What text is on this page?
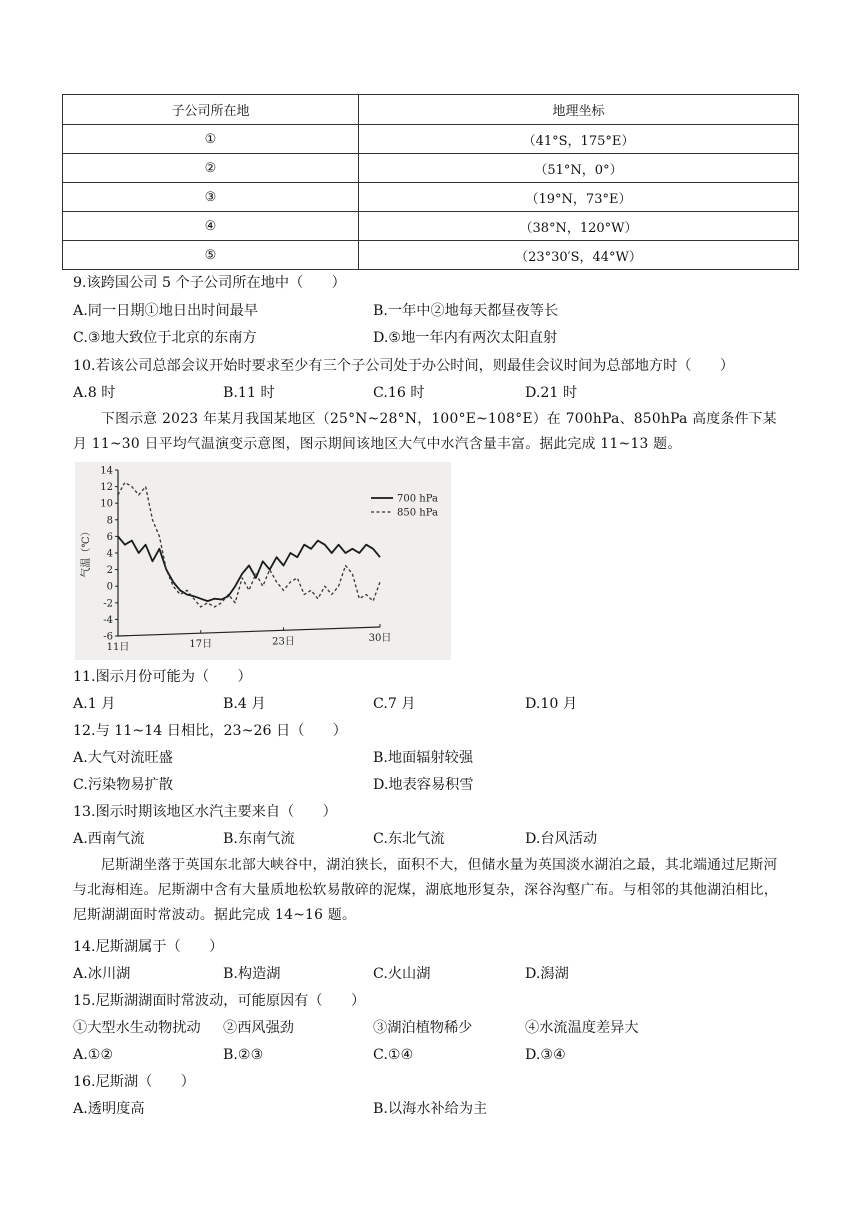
子公司所在地	地理坐标
①	（41°S，175°E）
②	（51°N，0°）
③	（19°N，73°E）
④	（38°N，120°W）
⑤	（23°30′S，44°W）
9.该跨国公司 5 个子公司所在地中（　　）
A.同一日期①地日出时间最早	B.一年中②地每天都昼夜等长
C.③地大致位于北京的东南方	D.⑤地一年内有两次太阳直射
10.若该公司总部会议开始时要求至少有三个子公司处于办公时间，则最佳会议时间为总部地方时（　　）
A.8 时	B.11 时	C.16 时	D.21 时
下图示意 2023 年某月我国某地区（25°N~28°N，100°E~108°E）在 700hPa、850hPa 高度条件下某月 11~30 日平均气温演变示意图，图示期间该地区大气中水汽含量丰富。据此完成 11~13 题。
14
12
10
8
6
4
2
0
-2
-4
-6
气温（℃）
11日	17日	23日	30日
700 hPa
850 hPa
11.图示月份可能为（　　）
A.1 月	B.4 月	C.7 月	D.10 月
12.与 11~14 日相比，23~26 日（　　）
A.大气对流旺盛	B.地面辐射较强
C.污染物易扩散	D.地表容易积雪
13.图示时期该地区水汽主要来自（　　）
A.西南气流	B.东南气流	C.东北气流	D.台风活动
尼斯湖坐落于英国东北部大峡谷中，湖泊狭长，面积不大，但储水量为英国淡水湖泊之最，其北端通过尼斯河与北海相连。尼斯湖中含有大量质地松软易散碎的泥煤，湖底地形复杂，深谷沟壑广布。与相邻的其他湖泊相比，尼斯湖湖面时常波动。据此完成 14~16 题。
14.尼斯湖属于（　　）
A.冰川湖	B.构造湖	C.火山湖	D.潟湖
15.尼斯湖湖面时常波动，可能原因有（　　）
①大型水生动物扰动 ②西风强劲	③湖泊植物稀少	④水流温度差异大
A.①②	B.②③	C.①④	D.③④
16.尼斯湖（　　）
A.透明度高	B.以海水补给为主
